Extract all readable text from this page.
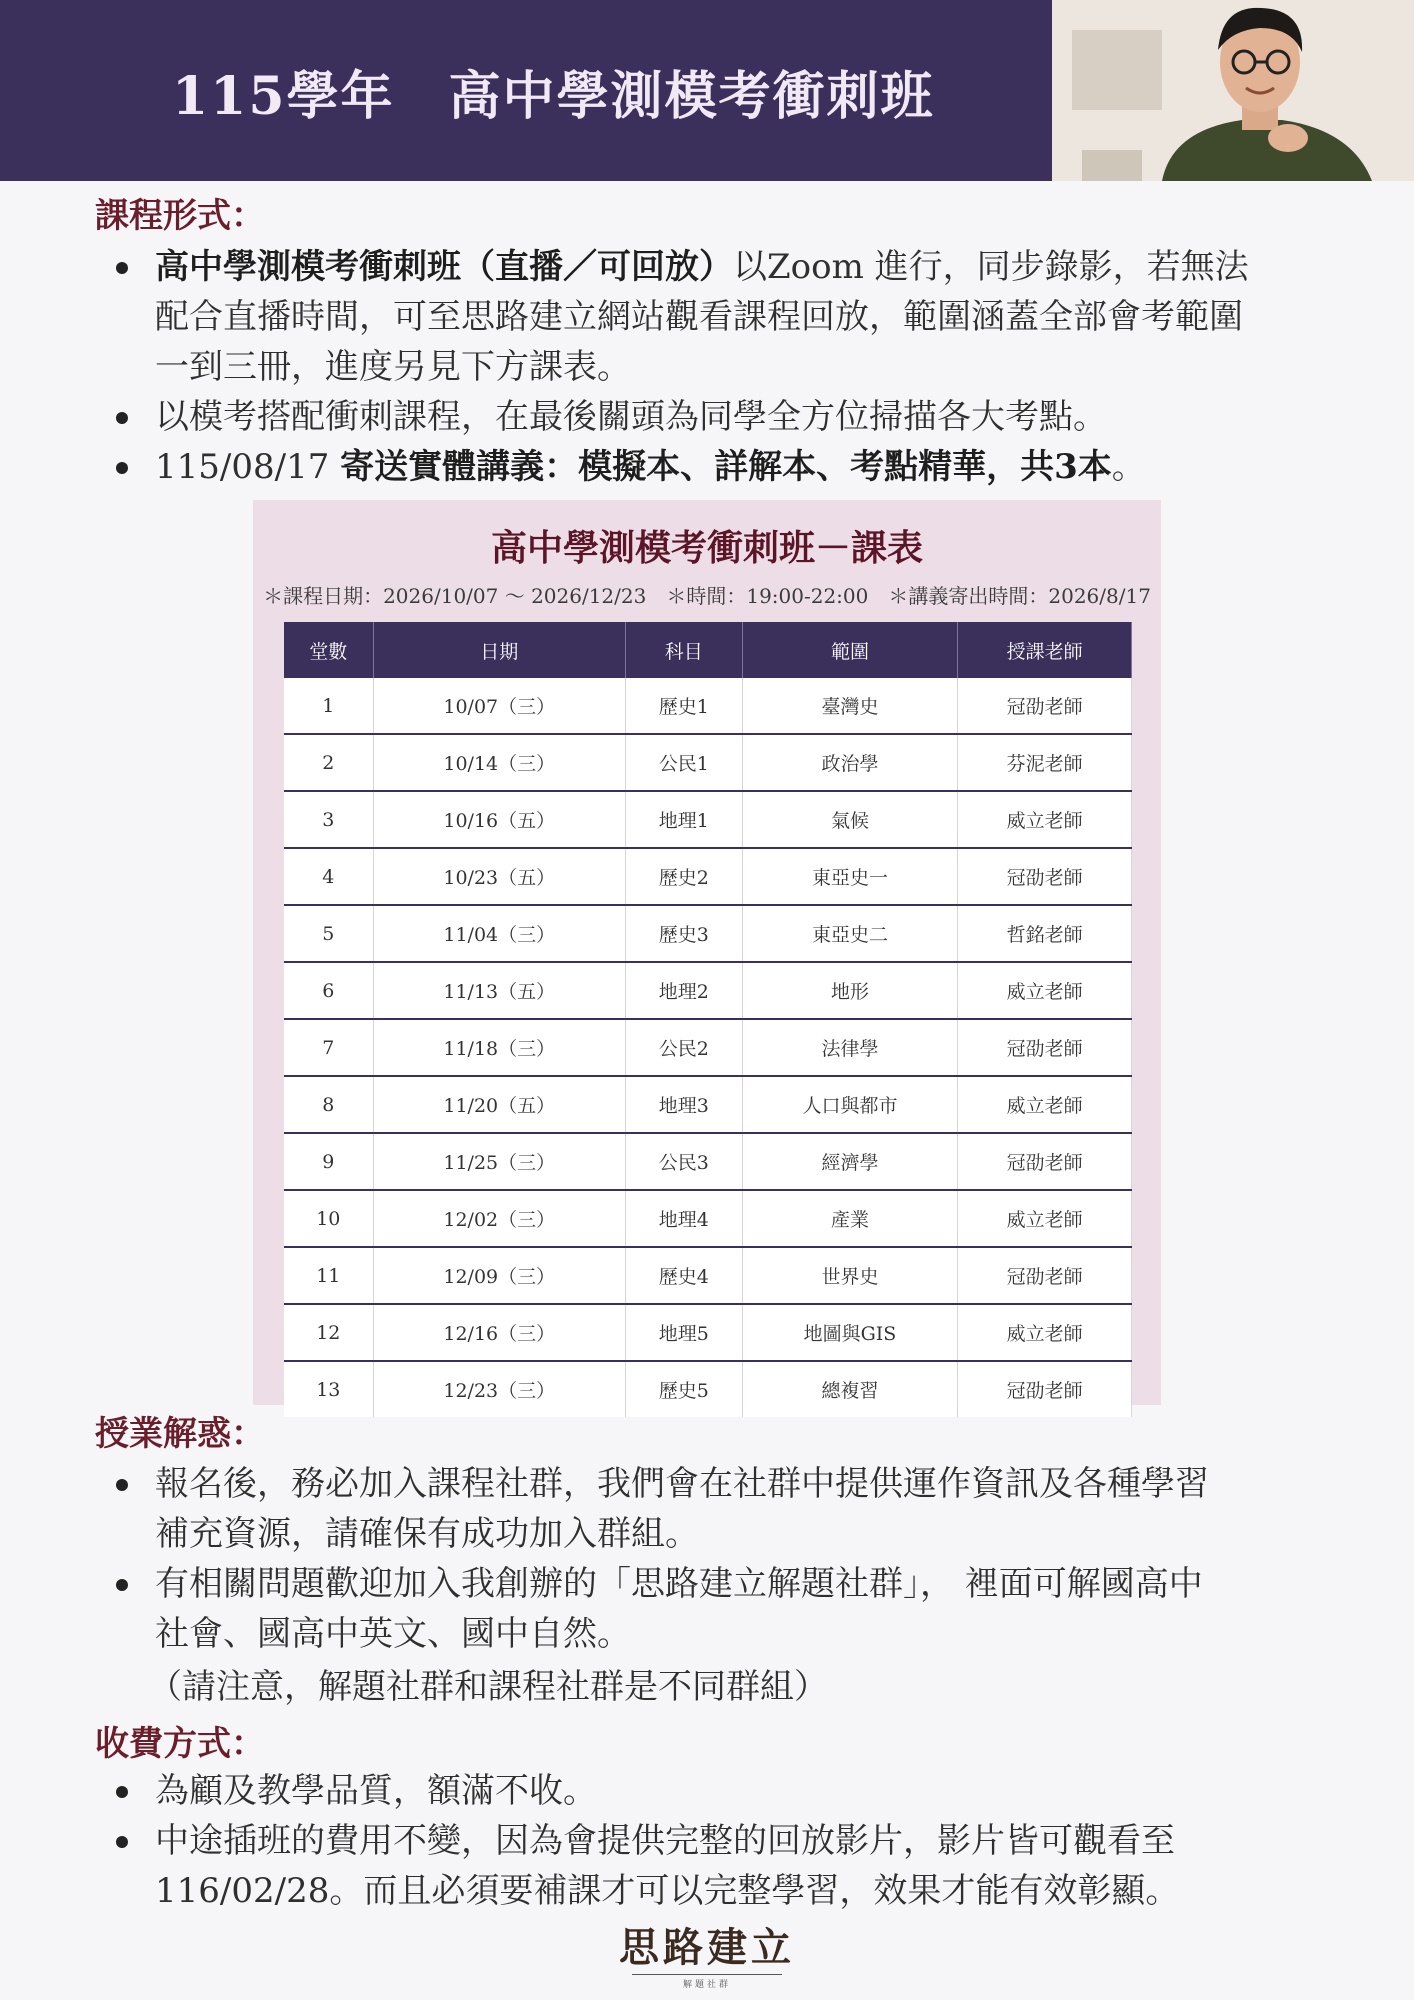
115學年　高中學測模考衝刺班
課程形式：
高中學測模考衝刺班（直播／可回放）以Zoom 進行，同步錄影，若無法
配合直播時間，可至思路建立網站觀看課程回放，範圍涵蓋全部會考範圍
一到三冊，進度另見下方課表。
以模考搭配衝刺課程，在最後關頭為同學全方位掃描各大考點。
115/08/17 寄送實體講義：模擬本、詳解本、考點精華，共3本。
高中學測模考衝刺班－課表
＊課程日期：2026/10/07 ～ 2026/12/23　＊時間：19:00-22:00　＊講義寄出時間：2026/8/17
堂數	日期	科目	範圍	授課老師
1	10/07（三）	歷史1	臺灣史	冠劭老師
2	10/14（三）	公民1	政治學	芬泥老師
3	10/16（五）	地理1	氣候	威立老師
4	10/23（五）	歷史2	東亞史一	冠劭老師
5	11/04（三）	歷史3	東亞史二	哲銘老師
6	11/13（五）	地理2	地形	威立老師
7	11/18（三）	公民2	法律學	冠劭老師
8	11/20（五）	地理3	人口與都市	威立老師
9	11/25（三）	公民3	經濟學	冠劭老師
10	12/02（三）	地理4	產業	威立老師
11	12/09（三）	歷史4	世界史	冠劭老師
12	12/16（三）	地理5	地圖與GIS	威立老師
13	12/23（三）	歷史5	總複習	冠劭老師
授業解惑：
報名後，務必加入課程社群，我們會在社群中提供運作資訊及各種學習
補充資源，請確保有成功加入群組。
有相關問題歡迎加入我創辦的「思路建立解題社群」， 裡面可解國高中
社會、國高中英文、國中自然。
（請注意，解題社群和課程社群是不同群組）
收費方式：
為顧及教學品質，額滿不收。
中途插班的費用不變，因為會提供完整的回放影片，影片皆可觀看至
116/02/28。而且必須要補課才可以完整學習，效果才能有效彰顯。
思路建立
解題社群
